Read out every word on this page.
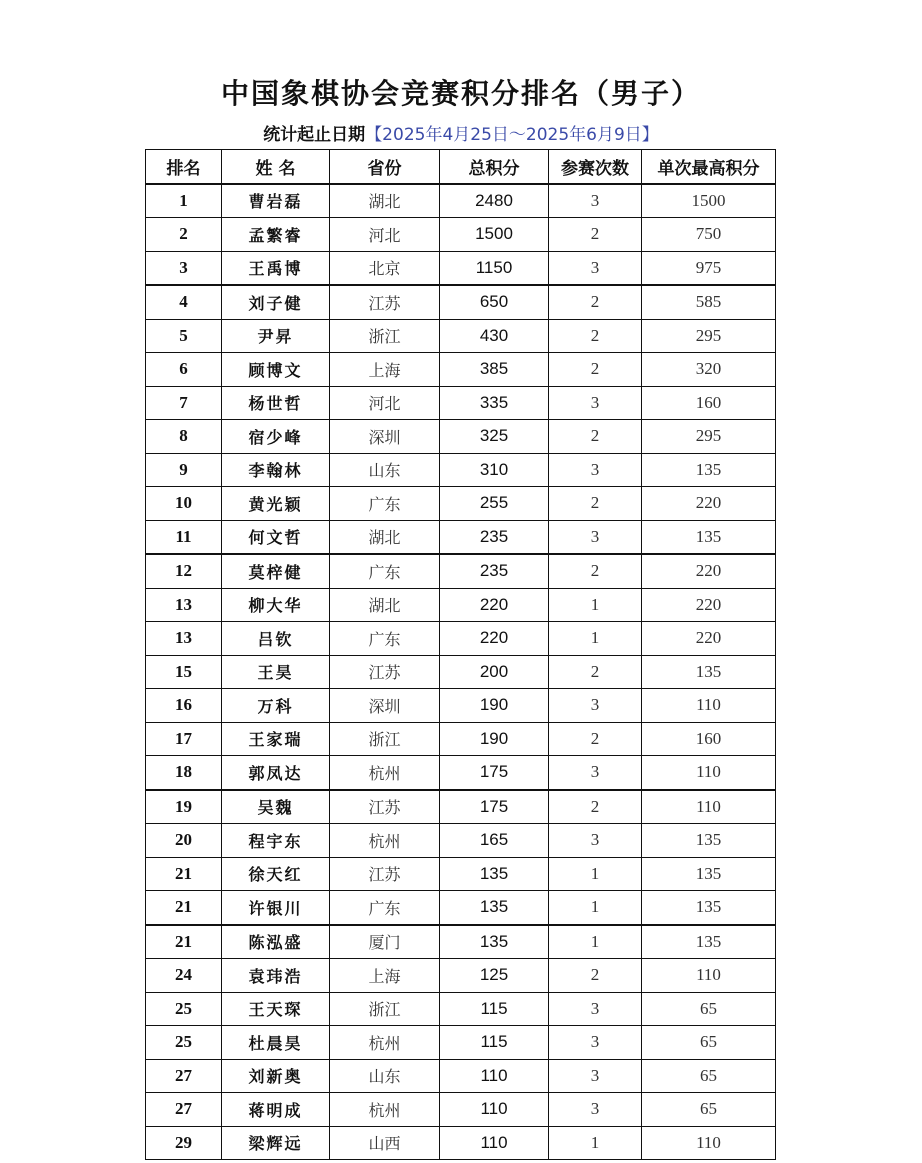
中国象棋协会竞赛积分排名（男子）
统计起止日期【2025年4月25日～2025年6月9日】
排名	姓 名	省份	总积分	参赛次数	单次最高积分
1	曹岩磊	湖北	2480	3	1500
2	孟繁睿	河北	1500	2	750
3	王禹博	北京	1150	3	975
4	刘子健	江苏	650	2	585
5	尹昇	浙江	430	2	295
6	顾博文	上海	385	2	320
7	杨世哲	河北	335	3	160
8	宿少峰	深圳	325	2	295
9	李翰林	山东	310	3	135
10	黄光颖	广东	255	2	220
11	何文哲	湖北	235	3	135
12	莫梓健	广东	235	2	220
13	柳大华	湖北	220	1	220
13	吕钦	广东	220	1	220
15	王昊	江苏	200	2	135
16	万科	深圳	190	3	110
17	王家瑞	浙江	190	2	160
18	郭凤达	杭州	175	3	110
19	吴魏	江苏	175	2	110
20	程宇东	杭州	165	3	135
21	徐天红	江苏	135	1	135
21	许银川	广东	135	1	135
21	陈泓盛	厦门	135	1	135
24	袁玮浩	上海	125	2	110
25	王天琛	浙江	115	3	65
25	杜晨昊	杭州	115	3	65
27	刘新奥	山东	110	3	65
27	蒋明成	杭州	110	3	65
29	梁辉远	山西	110	1	110
